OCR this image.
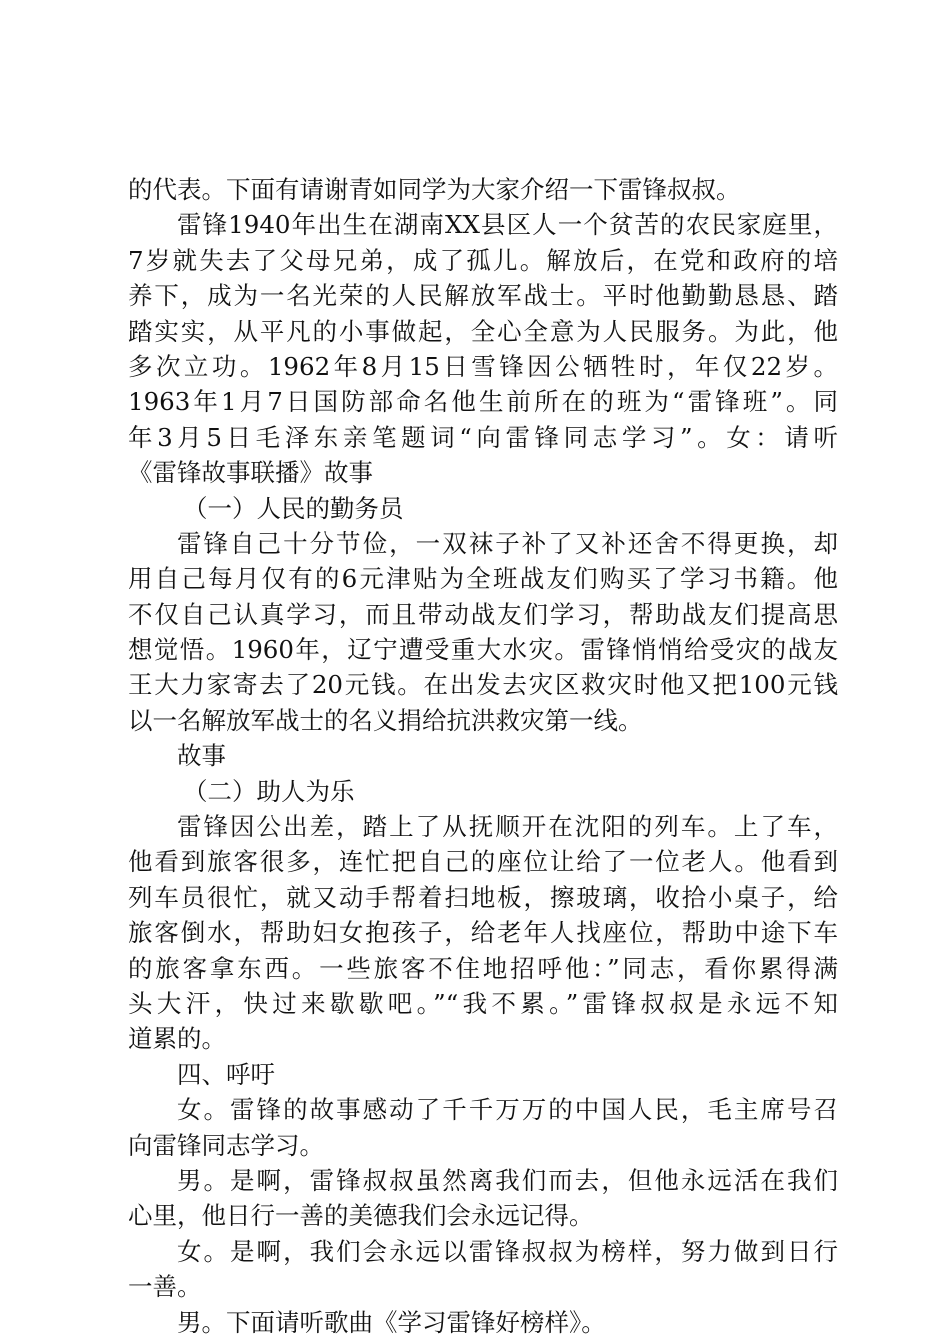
的代表。下面有请谢青如同学为大家介绍一下雷锋叔叔。
雷锋1940年出生在湖南XX县区人一个贫苦的农民家庭里，
7岁就失去了父母兄弟，成了孤儿。解放后，在党和政府的培
养下，成为一名光荣的人民解放军战士。平时他勤勤恳恳、踏
踏实实，从平凡的小事做起，全心全意为人民服务。为此，他
多次立功。1962年8月15日雪锋因公牺牲时，年仅22岁。
1963年1月7日国防部命名他生前所在的班为“雷锋班”。同
年3月5日毛泽东亲笔题词“向雷锋同志学习”。女：请听
《雷锋故事联播》故事
（一）人民的勤务员
雷锋自己十分节俭，一双袜子补了又补还舍不得更换，却
用自己每月仅有的6元津贴为全班战友们购买了学习书籍。他
不仅自己认真学习，而且带动战友们学习，帮助战友们提高思
想觉悟。1960年，辽宁遭受重大水灾。雷锋悄悄给受灾的战友
王大力家寄去了20元钱。在出发去灾区救灾时他又把100元钱
以一名解放军战士的名义捐给抗洪救灾第一线。
故事
（二）助人为乐
雷锋因公出差，踏上了从抚顺开在沈阳的列车。上了车，
他看到旅客很多，连忙把自己的座位让给了一位老人。他看到
列车员很忙，就又动手帮着扫地板，擦玻璃，收拾小桌子，给
旅客倒水，帮助妇女抱孩子，给老年人找座位，帮助中途下车
的旅客拿东西。一些旅客不住地招呼他：”同志，看你累得满
头大汗，快过来歇歇吧。”“我不累。”雷锋叔叔是永远不知
道累的。
四、呼吁
女。雷锋的故事感动了千千万万的中国人民，毛主席号召
向雷锋同志学习。
男。是啊，雷锋叔叔虽然离我们而去，但他永远活在我们
心里，他日行一善的美德我们会永远记得。
女。是啊，我们会永远以雷锋叔叔为榜样，努力做到日行
一善。
男。下面请听歌曲《学习雷锋好榜样》。
